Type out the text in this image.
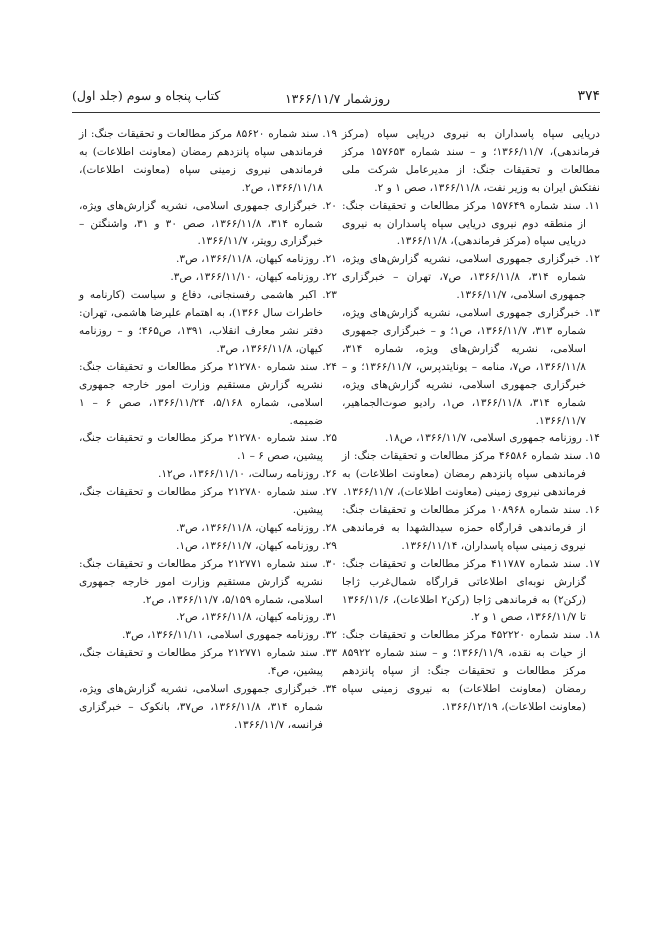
۳۷۴
روزشمار ۱۳۶۶/۱۱/۷
کتاب پنجاه و سوم (جلد اول)

دریایی سپاه پاسداران به نیروی دریایی سپاه (مرکز فرماندهی)، ۱۳۶۶/۱۱/۷؛ و – سند شماره ۱۵۷۶۵۳ مرکز مطالعات و تحقیقات جنگ: از مدیرعامل شرکت ملی نفتکش ایران به وزیر نفت، ۱۳۶۶/۱۱/۸، صص ۱ و ۲.

۱۱. سند شماره ۱۵۷۶۴۹ مرکز مطالعات و تحقیقات جنگ: از منطقه دوم نیروی دریایی سپاه پاسداران به نیروی دریایی سپاه (مرکز فرماندهی)، ۱۳۶۶/۱۱/۸.

۱۲. خبرگزاری جمهوری اسلامی، نشریه گزارش‌های ویژه، شماره ۳۱۴، ۱۳۶۶/۱۱/۸، ص۷، تهران – خبرگزاری جمهوری اسلامی، ۱۳۶۶/۱۱/۷.

۱۳. خبرگزاری جمهوری اسلامی، نشریه گزارش‌های ویژه، شماره ۳۱۳، ۱۳۶۶/۱۱/۷، ص۱؛ و – خبرگزاری جمهوری اسلامی، نشریه گزارش‌های ویژه، شماره ۳۱۴، ۱۳۶۶/۱۱/۸، ص۷، منامه – یونایتدپرس، ۱۳۶۶/۱۱/۷؛ و – خبرگزاری جمهوری اسلامی، نشریه گزارش‌های ویژه، شماره ۳۱۴، ۱۳۶۶/۱۱/۸، ص۱، رادیو صوت‌الجماهیر، ۱۳۶۶/۱۱/۷.

۱۴. روزنامه جمهوری اسلامی، ۱۳۶۶/۱۱/۷، ص۱۸.

۱۵. سند شماره ۴۶۵۸۶ مرکز مطالعات و تحقیقات جنگ: از فرماندهی سپاه پانزدهم رمضان (معاونت اطلاعات) به فرماندهی نیروی زمینی (معاونت اطلاعات)، ۱۳۶۶/۱۱/۷.

۱۶. سند شماره ۱۰۸۹۶۸ مرکز مطالعات و تحقیقات جنگ: از فرماندهی قرارگاه حمزه سیدالشهدا به فرماندهی نیروی زمینی سپاه پاسداران، ۱۳۶۶/۱۱/۱۴.

۱۷. سند شماره ۴۱۱۷۸۷ مرکز مطالعات و تحقیقات جنگ: گزارش نوبه‌ای اطلاعاتی قرارگاه شمال‌غرب ژاجا (رکن۲) به فرماندهی ژاجا (رکن۲ اطلاعات)، ۱۳۶۶/۱۱/۶ تا ۱۳۶۶/۱۱/۷، صص ۱ و ۲.

۱۸. سند شماره ۴۵۲۲۲۰ مرکز مطالعات و تحقیقات جنگ: از حیات به نقده، ۱۳۶۶/۱۱/۹؛ و – سند شماره ۸۵۹۲۲ مرکز مطالعات و تحقیقات جنگ: از سپاه پانزدهم رمضان (معاونت اطلاعات) به نیروی زمینی سپاه (معاونت اطلاعات)، ۱۳۶۶/۱۲/۱۹.

۱۹. سند شماره ۸۵۶۲۰ مرکز مطالعات و تحقیقات جنگ: از فرماندهی سپاه پانزدهم رمضان (معاونت اطلاعات) به فرماندهی نیروی زمینی سپاه (معاونت اطلاعات)، ۱۳۶۶/۱۱/۱۸، ص۲.

۲۰. خبرگزاری جمهوری اسلامی، نشریه گزارش‌های ویژه، شماره ۳۱۴، ۱۳۶۶/۱۱/۸، صص ۳۰ و ۳۱، واشنگتن – خبرگزاری رویتر، ۱۳۶۶/۱۱/۷.

۲۱. روزنامه کیهان، ۱۳۶۶/۱۱/۸، ص۳.

۲۲. روزنامه کیهان، ۱۳۶۶/۱۱/۱۰، ص۳.

۲۳. اکبر هاشمی رفسنجانی، دفاع و سیاست (کارنامه و خاطرات سال ۱۳۶۶)، به اهتمام علیرضا هاشمی، تهران: دفتر نشر معارف انقلاب، ۱۳۹۱، ص۴۶۵؛ و – روزنامه کیهان، ۱۳۶۶/۱۱/۸، ص۳.

۲۴. سند شماره ۲۱۲۷۸۰ مرکز مطالعات و تحقیقات جنگ: نشریه گزارش مستقیم وزارت امور خارجه جمهوری اسلامی، شماره ۵/۱۶۸، ۱۳۶۶/۱۱/۲۴، صص ۶ – ۱ ضمیمه.

۲۵. سند شماره ۲۱۲۷۸۰ مرکز مطالعات و تحقیقات جنگ، پیشین، صص ۶ – ۱.

۲۶. روزنامه رسالت، ۱۳۶۶/۱۱/۱۰، ص۱۲.

۲۷. سند شماره ۲۱۲۷۸۰ مرکز مطالعات و تحقیقات جنگ، پیشین.

۲۸. روزنامه کیهان، ۱۳۶۶/۱۱/۸، ص۳.

۲۹. روزنامه کیهان، ۱۳۶۶/۱۱/۷، ص۱.

۳۰. سند شماره ۲۱۲۷۷۱ مرکز مطالعات و تحقیقات جنگ: نشریه گزارش مستقیم وزارت امور خارجه جمهوری اسلامی، شماره ۵/۱۵۹، ۱۳۶۶/۱۱/۷، ص۲.

۳۱. روزنامه کیهان، ۱۳۶۶/۱۱/۸، ص۲.

۳۲. روزنامه جمهوری اسلامی، ۱۳۶۶/۱۱/۱۱، ص۳.

۳۳. سند شماره ۲۱۲۷۷۱ مرکز مطالعات و تحقیقات جنگ، پیشین، ص۴.

۳۴. خبرگزاری جمهوری اسلامی، نشریه گزارش‌های ویژه، شماره ۳۱۴، ۱۳۶۶/۱۱/۸، ص۳۷، بانکوک – خبرگزاری فرانسه، ۱۳۶۶/۱۱/۷.
